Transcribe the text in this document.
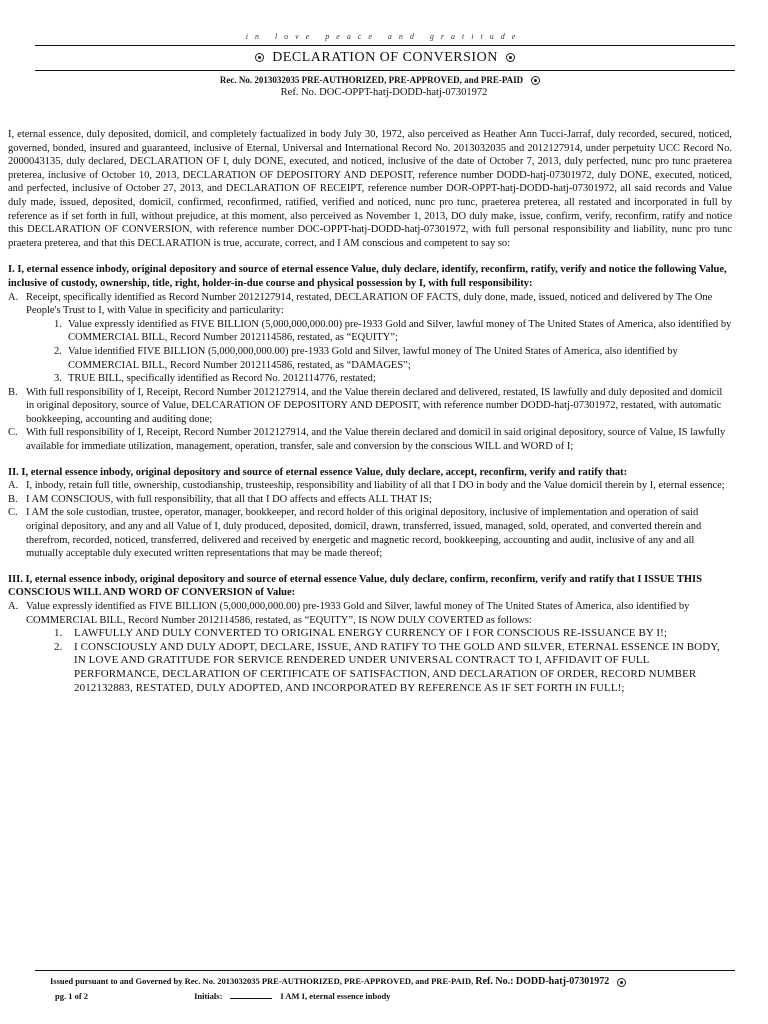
in love peace and gratitude
DECLARATION OF CONVERSION
Rec. No. 2013032035 PRE-AUTHORIZED, PRE-APPROVED, and PRE-PAID
Ref. No. DOC-OPPT-hatj-DODD-hatj-07301972

I, eternal essence, duly deposited, domicil, and completely factualized in body July 30, 1972, also perceived as Heather Ann Tucci-Jarraf, duly recorded, secured, noticed, governed, bonded, insured and guaranteed, inclusive of Eternal, Universal and International Record No. 2013032035 and 2012127914, under perpetuity UCC Record No. 2000043135, duly declared, DECLARATION OF I, duly DONE, executed, and noticed, inclusive of the date of October 7, 2013, duly perfected, nunc pro tunc praeterea preterea, inclusive of October 10, 2013, DECLARATION OF DEPOSITORY AND DEPOSIT, reference number DODD-hatj-07301972, duly DONE, executed, noticed, and perfected, inclusive of October 27, 2013, and DECLARATION OF RECEIPT, reference number DOR-OPPT-hatj-DODD-hatj-07301972, all said records and Value duly made, issued, deposited, domicil, confirmed, reconfirmed, ratified, verified and noticed, nunc pro tunc, praeterea preterea, all restated and incorporated in full by reference as if set forth in full, without prejudice, at this moment, also perceived as November 1, 2013, DO duly make, issue, confirm, verify, reconfirm, ratify and notice this DECLARATION OF CONVERSION, with reference number DOC-OPPT-hatj-DODD-hatj-07301972, with full personal responsibility and liability, nunc pro tunc praetera preterea, and that this DECLARATION is true, accurate, correct, and I AM conscious and competent to say so:

I. I, eternal essence inbody, original depository and source of eternal essence Value, duly declare, identify, reconfirm, ratify, verify and notice the following Value, inclusive of custody, ownership, title, right, holder-in-due course and physical possession by I, with full responsibility:

A. Receipt, specifically identified as Record Number 2012127914, restated, DECLARATION OF FACTS, duly done, made, issued, noticed and delivered by The One People's Trust to I, with Value in specificity and particularity:
1. Value expressly identified as FIVE BILLION (5,000,000,000.00) pre-1933 Gold and Silver, lawful money of The United States of America, also identified by COMMERCIAL BILL, Record Number 2012114586, restated, as “EQUITY”;
2. Value identified FIVE BILLION (5,000,000,000.00) pre-1933 Gold and Silver, lawful money of The United States of America, also identified by COMMERCIAL BILL, Record Number 2012114586, restated, as “DAMAGES”;
3. TRUE BILL, specifically identified as Record No. 2012114776, restated;
B. With full responsibility of I, Receipt, Record Number 2012127914, and the Value therein declared and delivered, restated, IS lawfully and duly deposited and domicil in original depository, source of Value, DELCARATION OF DEPOSITORY AND DEPOSIT, with reference number DODD-hatj-07301972, restated, with automatic bookkeeping, accounting and auditing done;
C. With full responsibility of I, Receipt, Record Number 2012127914, and the Value therein declared and domicil in said original depository, source of Value, IS lawfully available for immediate utilization, management, operation, transfer, sale and conversion by the conscious WILL and WORD of I;

II. I, eternal essence inbody, original depository and source of eternal essence Value, duly declare, accept, reconfirm, verify and ratify that:

A. I, inbody, retain full title, ownership, custodianship, trusteeship, responsibility and liability of all that I DO in body and the Value domicil therein by I, eternal essence;
B. I AM CONSCIOUS, with full responsibility, that all that I DO affects and effects ALL THAT IS;
C. I AM the sole custodian, trustee, operator, manager, bookkeeper, and record holder of this original depository, inclusive of implementation and operation of said original depository, and any and all Value of I, duly produced, deposited, domicil, drawn, transferred, issued, managed, sold, operated, and converted therein and therefrom, recorded, noticed, transferred, delivered and received by energetic and magnetic record, bookkeeping, accounting and audit, inclusive of any and all mutually acceptable duly executed written representations that may be made thereof;

III. I, eternal essence inbody, original depository and source of eternal essence Value, duly declare, confirm, reconfirm, verify and ratify that I ISSUE THIS CONSCIOUS WILL AND WORD OF CONVERSION of Value:

A. Value expressly identified as FIVE BILLION (5,000,000,000.00) pre-1933 Gold and Silver, lawful money of The United States of America, also identified by COMMERCIAL BILL, Record Number 2012114586, restated, as “EQUITY”, IS NOW DULY COVERTED as follows:
1. LAWFULLY AND DULY CONVERTED TO ORIGINAL ENERGY CURRENCY OF I FOR CONSCIOUS RE-ISSUANCE BY I!;
2. I CONSCIOUSLY AND DULY ADOPT, DECLARE, ISSUE, AND RATIFY TO THE GOLD AND SILVER, ETERNAL ESSENCE IN BODY, IN LOVE AND GRATITUDE FOR SERVICE RENDERED UNDER UNIVERSAL CONTRACT TO I, AFFIDAVIT OF FULL PERFORMANCE, DECLARATION OF CERTIFICATE OF SATISFACTION, AND DECLARATION OF ORDER, RECORD NUMBER 2012132883, RESTATED, DULY ADOPTED, AND INCORPORATED BY REFERENCE AS IF SET FORTH IN FULL!;
Issued pursuant to and Governed by Rec. No. 2013032035 PRE-AUTHORIZED, PRE-APPROVED, and PRE-PAID, Ref. No.: DODD-hatj-07301972
pg. 1 of 2	Initials:	I AM I, eternal essence inbody
